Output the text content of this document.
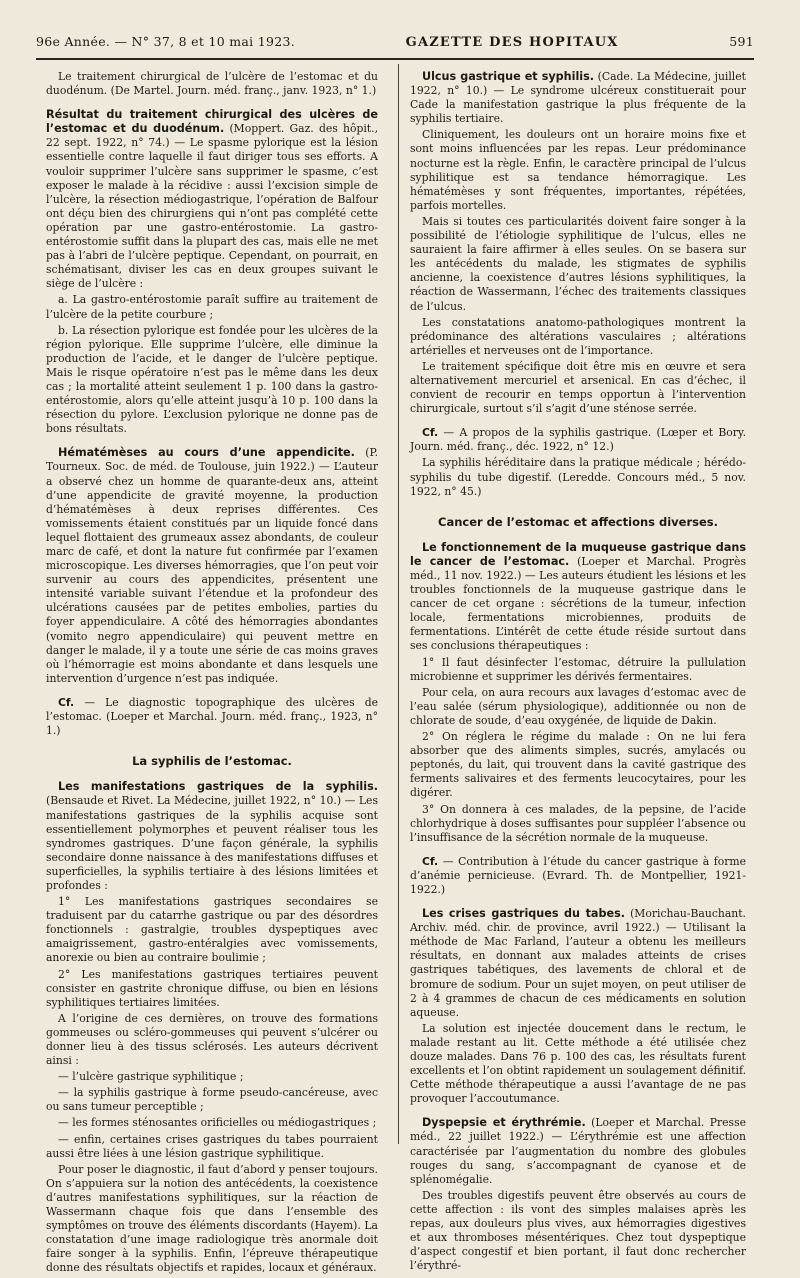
96e Année. — N° 37, 8 et 10 mai 1923.	GAZETTE DES HOPITAUX	591

Le traitement chirurgical de l’ulcère de l’estomac et du duodénum. (De Martel. Journ. méd. franç., janv. 1923, n° 1.)

Résultat du traitement chirurgical des ulcères de l’estomac et du duodénum. (Moppert. Gaz. des hôpit., 22 sept. 1922, n° 74.) — Le spasme pylorique est la lésion essentielle contre laquelle il faut diriger tous ses efforts. A vouloir supprimer l’ulcère sans supprimer le spasme, c’est exposer le malade à la récidive : aussi l’excision simple de l’ulcère, la résection médiogastrique, l’opération de Balfour ont déçu bien des chirurgiens qui n’ont pas complété cette opération par une gastro-entérostomie. La gastro-entérostomie suffit dans la plupart des cas, mais elle ne met pas à l’abri de l’ulcère peptique. Cependant, on pourrait, en schématisant, diviser les cas en deux groupes suivant le siège de l’ulcère :

a. La gastro-entérostomie paraît suffire au traitement de l’ulcère de la petite courbure ;

b. La résection pylorique est fondée pour les ulcères de la région pylorique. Elle supprime l’ulcère, elle diminue la production de l’acide, et le danger de l’ulcère peptique. Mais le risque opératoire n’est pas le même dans les deux cas ; la mortalité atteint seulement 1 p. 100 dans la gastro-entérostomie, alors qu’elle atteint jusqu’à 10 p. 100 dans la résection du pylore. L’exclusion pylorique ne donne pas de bons résultats.

Hématémèses au cours d’une appendicite. (P. Tourneux. Soc. de méd. de Toulouse, juin 1922.) — L’auteur a observé chez un homme de quarante-deux ans, atteint d’une appendicite de gravité moyenne, la production d’hématémèses à deux reprises différentes. Ces vomissements étaient constitués par un liquide foncé dans lequel flottaient des grumeaux assez abondants, de couleur marc de café, et dont la nature fut confirmée par l’examen microscopique. Les diverses hémorragies, que l’on peut voir survenir au cours des appendicites, présentent une intensité variable suivant l’étendue et la profondeur des ulcérations causées par de petites embolies, parties du foyer appendiculaire. A côté des hémorragies abondantes (vomito negro appendiculaire) qui peuvent mettre en danger le malade, il y a toute une série de cas moins graves où l’hémorragie est moins abondante et dans lesquels une intervention d’urgence n’est pas indiquée.

Cf. — Le diagnostic topographique des ulcères de l’estomac. (Loeper et Marchal. Journ. méd. franç., 1923, n° 1.)

La syphilis de l’estomac.

Les manifestations gastriques de la syphilis. (Bensaude et Rivet. La Médecine, juillet 1922, n° 10.) — Les manifestations gastriques de la syphilis acquise sont essentiellement polymorphes et peuvent réaliser tous les syndromes gastriques. D’une façon générale, la syphilis secondaire donne naissance à des manifestations diffuses et superficielles, la syphilis tertiaire à des lésions limitées et profondes :

1° Les manifestations gastriques secondaires se traduisent par du catarrhe gastrique ou par des désordres fonctionnels : gastralgie, troubles dyspeptiques avec amaigrissement, gastro-entéralgies avec vomissements, anorexie ou bien au contraire boulimie ;

2° Les manifestations gastriques tertiaires peuvent consister en gastrite chronique diffuse, ou bien en lésions syphilitiques tertiaires limitées.

A l’origine de ces dernières, on trouve des formations gommeuses ou scléro-gommeuses qui peuvent s’ulcérer ou donner lieu à des tissus sclérosés. Les auteurs décrivent ainsi :

— l’ulcère gastrique syphilitique ;

— la syphilis gastrique à forme pseudo-cancéreuse, avec ou sans tumeur perceptible ;

— les formes sténosantes orificielles ou médiogastriques ;

— enfin, certaines crises gastriques du tabes pourraient aussi être liées à une lésion gastrique syphilitique.

Pour poser le diagnostic, il faut d’abord y penser toujours. On s’appuiera sur la notion des antécédents, la coexistence d’autres manifestations syphilitiques, sur la réaction de Wassermann chaque fois que dans l’ensemble des symptômes on trouve des éléments discordants (Hayem). La constatation d’une image radiologique très anormale doit faire songer à la syphilis. Enfin, l’épreuve thérapeutique donne des résultats objectifs et rapides, locaux et généraux.

Ulcus gastrique et syphilis. (Cade. La Médecine, juillet 1922, n° 10.) — Le syndrome ulcéreux constituerait pour Cade la manifestation gastrique la plus fréquente de la syphilis tertiaire.

Cliniquement, les douleurs ont un horaire moins fixe et sont moins influencées par les repas. Leur prédominance nocturne est la règle. Enfin, le caractère principal de l’ulcus syphilitique est sa tendance hémorragique. Les hématémèses y sont fréquentes, importantes, répétées, parfois mortelles.

Mais si toutes ces particularités doivent faire songer à la possibilité de l’étiologie syphilitique de l’ulcus, elles ne sauraient la faire affirmer à elles seules. On se basera sur les antécédents du malade, les stigmates de syphilis ancienne, la coexistence d’autres lésions syphilitiques, la réaction de Wassermann, l’échec des traitements classiques de l’ulcus.

Les constatations anatomo-pathologiques montrent la prédominance des altérations vasculaires ; altérations artérielles et nerveuses ont de l’importance.

Le traitement spécifique doit être mis en œuvre et sera alternativement mercuriel et arsenical. En cas d’échec, il convient de recourir en temps opportun à l’intervention chirurgicale, surtout s’il s’agit d’une sténose serrée.

Cf. — A propos de la syphilis gastrique. (Lœper et Bory. Journ. méd. franç., déc. 1922, n° 12.)

La syphilis héréditaire dans la pratique médicale ; hérédo-syphilis du tube digestif. (Leredde. Concours méd., 5 nov. 1922, n° 45.)

Cancer de l’estomac et affections diverses.

Le fonctionnement de la muqueuse gastrique dans le cancer de l’estomac. (Loeper et Marchal. Progrès méd., 11 nov. 1922.) — Les auteurs étudient les lésions et les troubles fonctionnels de la muqueuse gastrique dans le cancer de cet organe : sécrétions de la tumeur, infection locale, fermentations microbiennes, produits de fermentations. L’intérêt de cette étude réside surtout dans ses conclusions thérapeutiques :

1° Il faut désinfecter l’estomac, détruire la pullulation microbienne et supprimer les dérivés fermentaires.

Pour cela, on aura recours aux lavages d’estomac avec de l’eau salée (sérum physiologique), additionnée ou non de chlorate de soude, d’eau oxygénée, de liquide de Dakin.

2° On réglera le régime du malade : On ne lui fera absorber que des aliments simples, sucrés, amylacés ou peptonés, du lait, qui trouvent dans la cavité gastrique des ferments salivaires et des ferments leucocytaires, pour les digérer.

3° On donnera à ces malades, de la pepsine, de l’acide chlorhydrique à doses suffisantes pour suppléer l’absence ou l’insuffisance de la sécrétion normale de la muqueuse.

Cf. — Contribution à l’étude du cancer gastrique à forme d’anémie pernicieuse. (Evrard. Th. de Montpellier, 1921-1922.)

Les crises gastriques du tabes. (Morichau-Bauchant. Archiv. méd. chir. de province, avril 1922.) — Utilisant la méthode de Mac Farland, l’auteur a obtenu les meilleurs résultats, en donnant aux malades atteints de crises gastriques tabétiques, des lavements de chloral et de bromure de sodium. Pour un sujet moyen, on peut utiliser de 2 à 4 grammes de chacun de ces médicaments en solution aqueuse.

La solution est injectée doucement dans le rectum, le malade restant au lit. Cette méthode a été utilisée chez douze malades. Dans 76 p. 100 des cas, les résultats furent excellents et l’on obtint rapidement un soulagement définitif. Cette méthode thérapeutique a aussi l’avantage de ne pas provoquer l’accoutumance.

Dyspepsie et érythrémie. (Loeper et Marchal. Presse méd., 22 juillet 1922.) — L’érythrémie est une affection caractérisée par l’augmentation du nombre des globules rouges du sang, s’accompagnant de cyanose et de splénomégalie.

Des troubles digestifs peuvent être observés au cours de cette affection : ils vont des simples malaises après les repas, aux douleurs plus vives, aux hémorragies digestives et aux thromboses mésentériques. Chez tout dyspeptique d’aspect congestif et bien portant, il faut donc rechercher l’érythré-
